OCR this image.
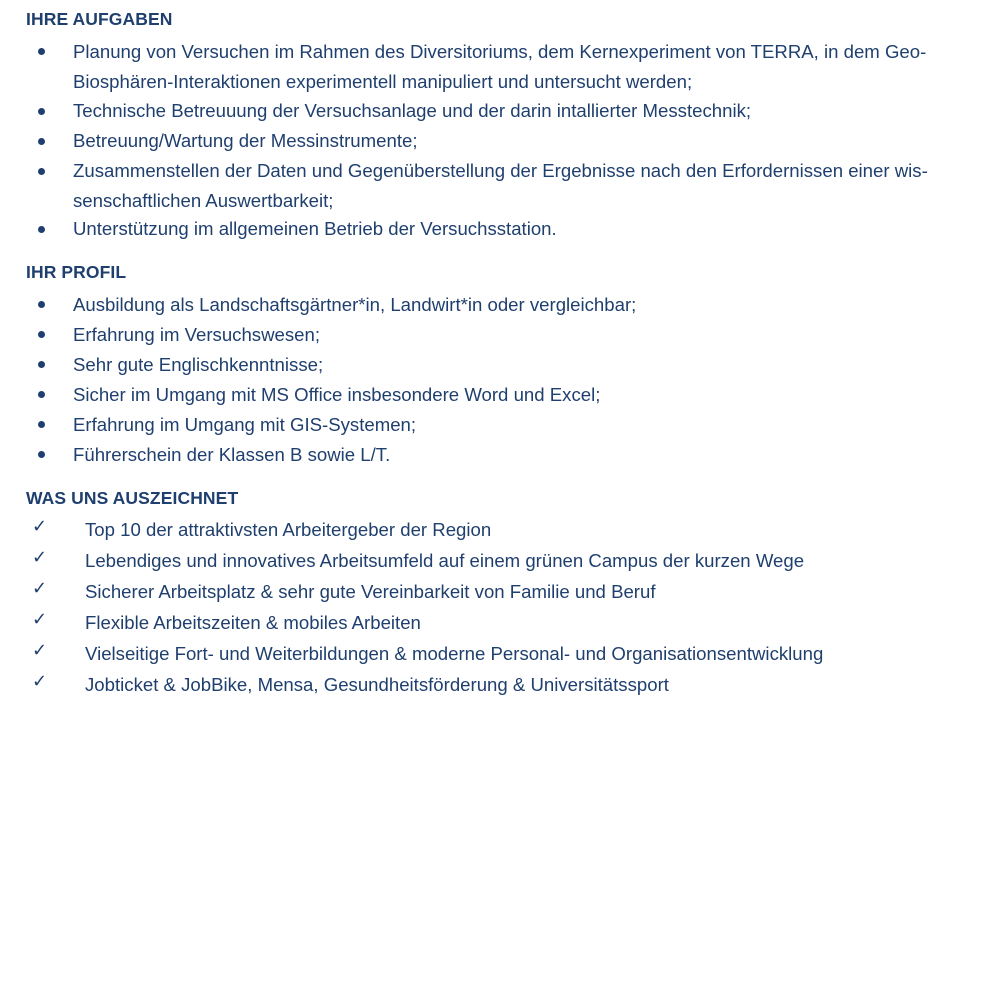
IHRE AUFGABEN
Planung von Versuchen im Rahmen des Diversitoriums, dem Kernexperiment von TERRA, in dem Geo-
Biosphären-Interaktionen experimentell manipuliert und untersucht werden;
Technische Betreuuung der Versuchsanlage und der darin intallierter Messtechnik;
Betreuung/Wartung der Messinstrumente;
Zusammenstellen der Daten und Gegenüberstellung der Ergebnisse nach den Erfordernissen einer wis-
senschaftlichen Auswertbarkeit;
Unterstützung im allgemeinen Betrieb der Versuchsstation.
IHR PROFIL
Ausbildung als Landschaftsgärtner*in, Landwirt*in oder vergleichbar;
Erfahrung im Versuchswesen;
Sehr gute Englischkenntnisse;
Sicher im Umgang mit MS Office insbesondere Word und Excel;
Erfahrung im Umgang mit GIS-Systemen;
Führerschein der Klassen B sowie L/T.
WAS UNS AUSZEICHNET
✓ Top 10 der attraktivsten Arbeitergeber der Region
✓ Lebendiges und innovatives Arbeitsumfeld auf einem grünen Campus der kurzen Wege
✓ Sicherer Arbeitsplatz & sehr gute Vereinbarkeit von Familie und Beruf
✓ Flexible Arbeitszeiten & mobiles Arbeiten
✓ Vielseitige Fort- und Weiterbildungen & moderne Personal- und Organisationsentwicklung
✓ Jobticket & JobBike, Mensa, Gesundheitsförderung & Universitätssport
